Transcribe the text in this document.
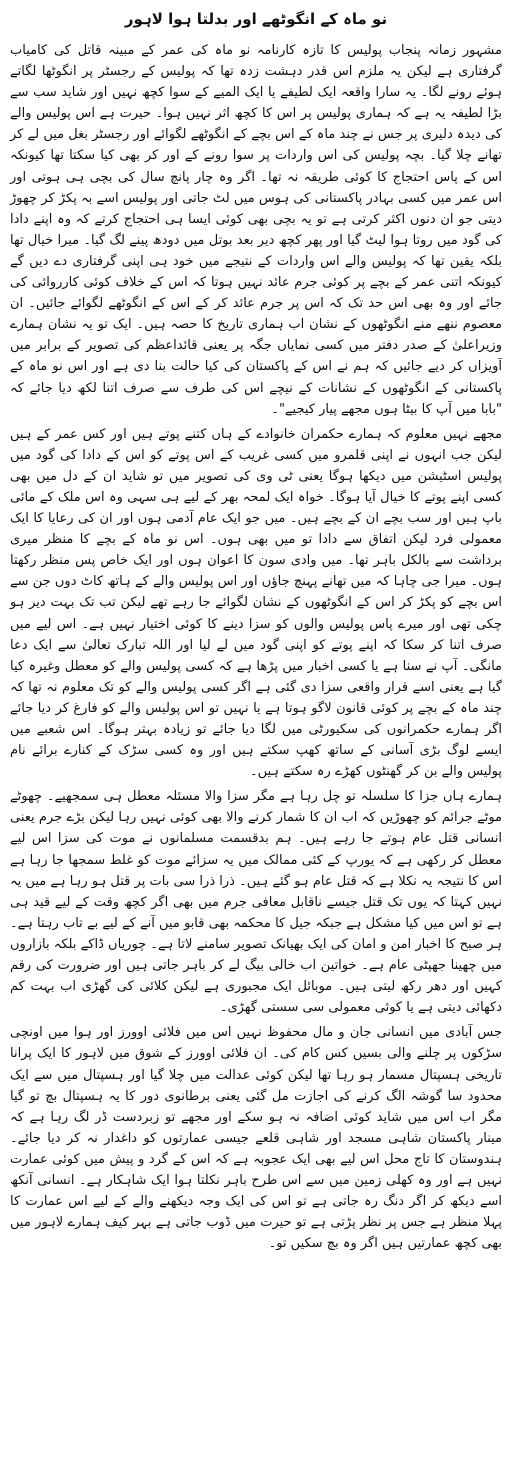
نو ماہ کے انگوٹھے اور بدلتا ہوا لاہور

مشہور زمانہ پنجاب پولیس کا تازہ کارنامہ نو ماہ کی عمر کے مبینہ قاتل کی کامیاب گرفتاری ہے لیکن یہ ملزم اس قدر دہشت زدہ تھا کہ پولیس کے رجسٹر پر انگوٹھا لگاتے ہوئے رونے لگا۔ یہ سارا واقعہ ایک لطیفے یا ایک المیے کے سوا کچھ نہیں اور شاید سب سے بڑا لطیفہ یہ ہے کہ ہماری پولیس پر اس کا کچھ اثر نہیں ہوا۔ حیرت ہے اس پولیس والے کی دیدہ دلیری پر جس نے چند ماہ کے اس بچے کے انگوٹھے لگوائے اور رجسٹر بغل میں لے کر تھانے چلا گیا۔ بچہ پولیس کی اس واردات پر سوا رونے کے اور کر بھی کیا سکتا تھا کیونکہ اس کے پاس احتجاج کا کوئی طریقہ نہ تھا۔ اگر وہ چار پانچ سال کی بچی ہی ہوتی اور اس عمر میں کسی بہادر پاکستانی کی ہوس میں لٹ جاتی اور پولیس اسے بہ پکڑ کر چھوڑ دیتی جو ان دنوں اکثر کرتی ہے تو یہ بچی بھی کوئی ایسا ہی احتجاج کرتے کہ وہ اپنے دادا کی گود میں روتا ہوا لیٹ گیا اور پھر کچھ دیر بعد بوتل میں دودھ پینے لگ گیا۔ میرا خیال تھا بلکہ یقین تھا کہ پولیس والے اس واردات کے نتیجے میں خود ہی اپنی گرفتاری دے دیں گے کیونکہ اتنی عمر کے بچے پر کوئی جرم عائد نہیں ہوتا کہ اس کے خلاف کوئی کارروائی کی جائے اور وہ بھی اس حد تک کہ اس پر جرم عائد کر کے اس کے انگوٹھے لگوائے جائیں۔ ان معصوم ننھے منے انگوٹھوں کے نشان اب ہماری تاریخ کا حصہ ہیں۔ ایک تو یہ نشان ہمارے وزیراعلیٰ کے صدر دفتر میں کسی نمایاں جگہ پر یعنی قائداعظم کی تصویر کے برابر میں آویزاں کر دیے جائیں کہ ہم نے اس کے پاکستان کی کیا حالت بنا دی ہے اور اس نو ماہ کے پاکستانی کے انگوٹھوں کے نشانات کے نیچے اس کی طرف سے صرف اتنا لکھ دیا جائے کہ "بابا میں آپ کا بیٹا ہوں مجھے پیار کیجیے"۔

مجھے نہیں معلوم کہ ہمارے حکمران خانوادے کے ہاں کتنے پوتے ہیں اور کس عمر کے ہیں لیکن جب انہوں نے اپنی قلمرو میں کسی غریب کے اس پوتے کو اس کے دادا کی گود میں پولیس اسٹیشن میں دیکھا ہوگا یعنی ٹی وی کی تصویر میں تو شاید ان کے دل میں بھی کسی اپنے پوتے کا خیال آیا ہوگا۔ خواہ ایک لمحہ بھر کے لیے ہی سہی وہ اس ملک کے مائی باپ ہیں اور سب بچے ان کے بچے ہیں۔ میں جو ایک عام آدمی ہوں اور ان کی رعایا کا ایک معمولی فرد لیکن اتفاق سے دادا تو میں بھی ہوں۔ اس نو ماہ کے بچے کا منظر میری برداشت سے بالکل باہر تھا۔ میں وادی سون کا اعوان ہوں اور ایک خاص پس منظر رکھتا ہوں۔ میرا جی چاہا کہ میں تھانے پہنچ جاؤں اور اس پولیس والے کے ہاتھ کاٹ دوں جن سے اس بچے کو پکڑ کر اس کے انگوٹھوں کے نشان لگوائے جا رہے تھے لیکن تب تک بہت دیر ہو چکی تھی اور میرے پاس پولیس والوں کو سزا دینے کا کوئی اختیار نہیں ہے۔ اس لیے میں صرف اتنا کر سکا کہ اپنے پوتے کو اپنی گود میں لے لیا اور اللہ تبارک تعالیٰ سے ایک دعا مانگی۔ آپ نے سنا ہے یا کسی اخبار میں پڑھا ہے کہ کسی پولیس والے کو معطل وغیرہ کیا گیا ہے یعنی اسے قرار واقعی سزا دی گئی ہے اگر کسی پولیس والے کو تک معلوم نہ تھا کہ چند ماہ کے بچے پر کوئی قانون لاگو ہوتا ہے یا نہیں تو اس پولیس والے کو فارغ کر دیا جائے اگر ہمارے حکمرانوں کی سکیورٹی میں لگا دیا جائے تو زیادہ بہتر ہوگا۔ اس شعبے میں ایسے لوگ بڑی آسانی کے ساتھ کھپ سکتے ہیں اور وہ کسی سڑک کے کنارے برائے نام پولیس والے بن کر گھنٹوں کھڑے رہ سکتے ہیں۔

ہمارے ہاں جزا کا سلسلہ تو چل رہا ہے مگر سزا والا مسئلہ معطل ہی سمجھیے۔ چھوٹے موٹے جرائم کو چھوڑیں کہ اب ان کا شمار کرنے والا بھی کوئی نہیں رہا لیکن بڑے جرم یعنی انسانی قتل عام ہوتے جا رہے ہیں۔ ہم بدقسمت مسلمانوں نے موت کی سزا اس لیے معطل کر رکھی ہے کہ یورپ کے کئی ممالک میں یہ سزائے موت کو غلط سمجھا جا رہا ہے اس کا نتیجہ یہ نکلا ہے کہ قتل عام ہو گئے ہیں۔ ذرا ذرا سی بات پر قتل ہو رہا ہے میں یہ نہیں کہتا کہ یوں تک قتل جیسے ناقابل معافی جرم میں بھی اگر کچھ وقت کے لیے قید ہی ہے تو اس میں کیا مشکل ہے جبکہ جیل کا محکمہ بھی قابو میں آنے کے لیے بے تاب رہتا ہے۔ ہر صبح کا اخبار امن و امان کی ایک بھیانک تصویر سامنے لاتا ہے۔ چوریاں ڈاکے بلکہ بازاروں میں چھینا جھپٹی عام ہے۔ خواتین اب خالی بیگ لے کر باہر جاتی ہیں اور ضرورت کی رقم کہیں اور دھر رکھ لیتی ہیں۔ موبائل ایک مجبوری ہے لیکن کلائی کی گھڑی اب بہت کم دکھائی دیتی ہے یا کوئی معمولی سی سستی گھڑی۔

جس آبادی میں انسانی جان و مال محفوظ نہیں اس میں فلائی اوورز اور ہوا میں اونچی سڑکوں پر چلنے والی بسیں کس کام کی۔ ان فلائی اوورز کے شوق میں لاہور کا ایک پرانا تاریخی ہسپتال مسمار ہو رہا تھا لیکن کوئی عدالت میں چلا گیا اور ہسپتال میں سے ایک محدود سا گوشہ الگ کرنے کی اجازت مل گئی یعنی برطانوی دور کا یہ ہسپتال بچ تو گیا مگر اب اس میں شاید کوئی اضافہ نہ ہو سکے اور مجھے تو زبردست ڈر لگ رہا ہے کہ مینار پاکستان شاہی مسجد اور شاہی قلعے جیسی عمارتوں کو داغدار نہ کر دیا جائے۔ ہندوستان کا تاج محل اس لیے بھی ایک عجوبہ ہے کہ اس کے گرد و پیش میں کوئی عمارت نہیں ہے اور وہ کھلی زمین میں سے اس طرح باہر نکلتا ہوا ایک شاہکار ہے۔ انسانی آنکھ اسے دیکھ کر اگر دنگ رہ جاتی ہے تو اس کی ایک وجہ دیکھنے والے کے لیے اس عمارت کا پہلا منظر ہے جس پر نظر پڑتی ہے تو حیرت میں ڈوب جاتی ہے بہر کیف ہمارے لاہور میں بھی کچھ عمارتیں ہیں اگر وہ بچ سکیں تو۔
